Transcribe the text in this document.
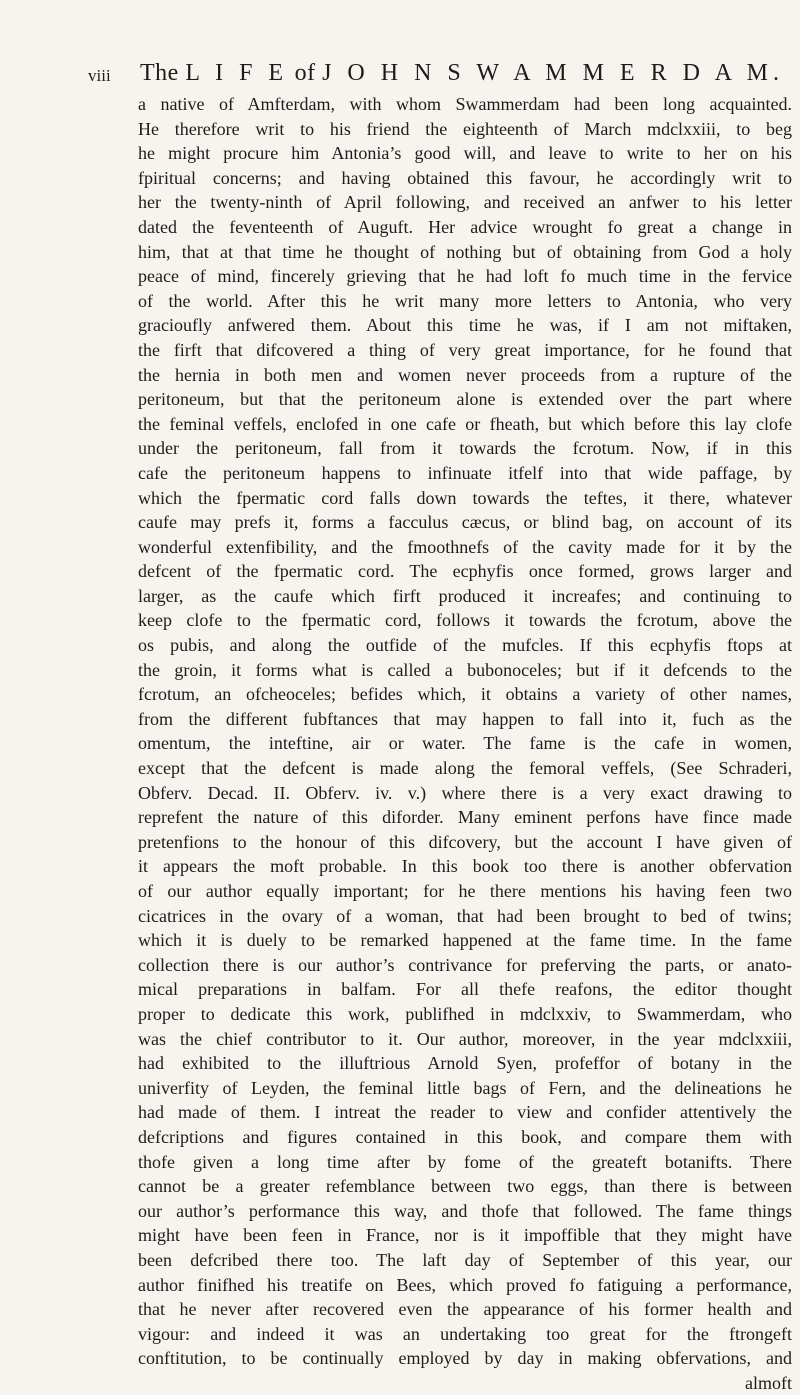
viii The L I F E of J O H N S W A M M E R D A M.
a native of Amfterdam, with whom Swammerdam had been long acquainted.
He therefore writ to his friend the eighteenth of March mdclxxiii, to beg
he might procure him Antonia’s good will, and leave to write to her on his
fpiritual concerns; and having obtained this favour, he accordingly writ to
her the twenty-ninth of April following, and received an anfwer to his letter
dated the feventeenth of Auguft. Her advice wrought fo great a change in
him, that at that time he thought of nothing but of obtaining from God a holy
peace of mind, fincerely grieving that he had loft fo much time in the fervice
of the world. After this he writ many more letters to Antonia, who very
gracioufly anfwered them. About this time he was, if I am not miftaken,
the firft that difcovered a thing of very great importance, for he found that
the hernia in both men and women never proceeds from a rupture of the
peritoneum, but that the peritoneum alone is extended over the part where
the feminal veffels, enclofed in one cafe or fheath, but which before this lay clofe
under the peritoneum, fall from it towards the fcrotum. Now, if in this
cafe the peritoneum happens to infinuate itfelf into that wide paffage, by
which the fpermatic cord falls down towards the teftes, it there, whatever
caufe may prefs it, forms a facculus cæcus, or blind bag, on account of its
wonderful extenfibility, and the fmoothnefs of the cavity made for it by the
defcent of the fpermatic cord. The ecphyfis once formed, grows larger and
larger, as the caufe which firft produced it increafes; and continuing to
keep clofe to the fpermatic cord, follows it towards the fcrotum, above the
os pubis, and along the outfide of the mufcles. If this ecphyfis ftops at
the groin, it forms what is called a bubonoceles; but if it defcends to the
fcrotum, an ofcheoceles; befides which, it obtains a variety of other names,
from the different fubftances that may happen to fall into it, fuch as the
omentum, the inteftine, air or water. The fame is the cafe in women,
except that the defcent is made along the femoral veffels, (See Schraderi,
Obferv. Decad. II. Obferv. iv. v.) where there is a very exact drawing to
reprefent the nature of this diforder. Many eminent perfons have fince made
pretenfions to the honour of this difcovery, but the account I have given of
it appears the moft probable. In this book too there is another obfervation
of our author equally important; for he there mentions his having feen two
cicatrices in the ovary of a woman, that had been brought to bed of twins;
which it is duely to be remarked happened at the fame time. In the fame
collection there is our author’s contrivance for preferving the parts, or anato-
mical preparations in balfam. For all thefe reafons, the editor thought
proper to dedicate this work, publifhed in mdclxxiv, to Swammerdam, who
was the chief contributor to it. Our author, moreover, in the year mdclxxiii,
had exhibited to the illuftrious Arnold Syen, profeffor of botany in the
univerfity of Leyden, the feminal little bags of Fern, and the delineations he
had made of them. I intreat the reader to view and confider attentively the
defcriptions and figures contained in this book, and compare them with
thofe given a long time after by fome of the greateft botanifts. There
cannot be a greater refemblance between two eggs, than there is between
our author’s performance this way, and thofe that followed. The fame things
might have been feen in France, nor is it impoffible that they might have
been defcribed there too. The laft day of September of this year, our
author finifhed his treatife on Bees, which proved fo fatiguing a performance,
that he never after recovered even the appearance of his former health and
vigour: and indeed it was an undertaking too great for the ftrongeft
conftitution, to be continually employed by day in making obfervations, and
almoft
